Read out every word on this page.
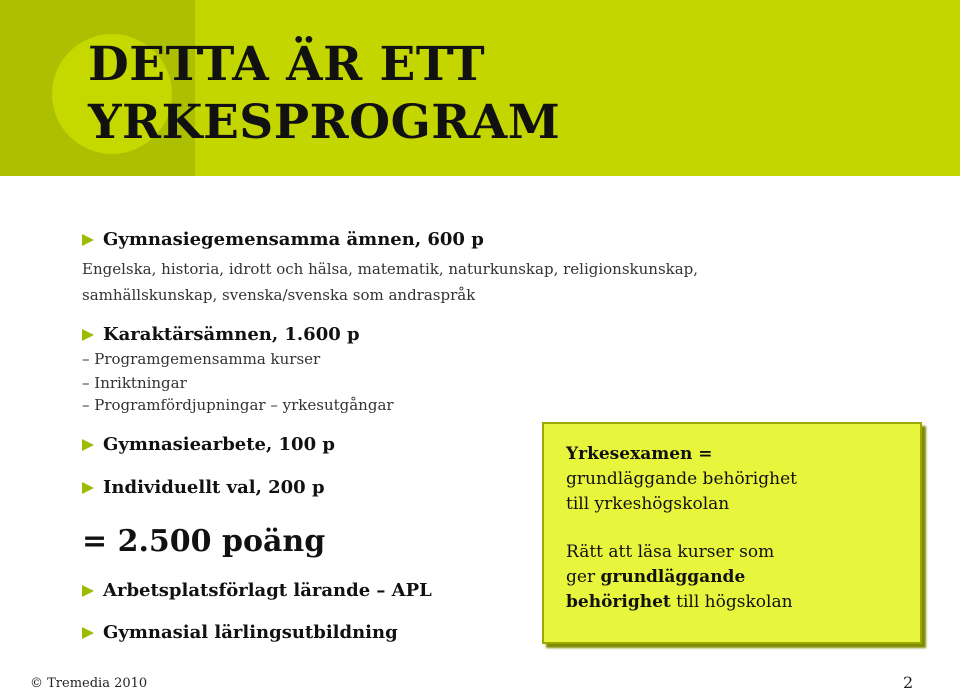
DETTA ÄR ETT
YRKESPROGRAM
Gymnasiegemensamma ämnen, 600 p
Engelska, historia, idrott och hälsa, matematik, naturkunskap, religionskunskap,
samhällskunskap, svenska/svenska som andraspråk
Karaktärsämnen, 1.600 p
– Programgemensamma kurser
– Inriktningar
– Programfördjupningar – yrkesutgångar
Gymnasiearbete, 100 p
Individuellt val, 200 p
= 2.500 poäng
Arbetsplatsförlagt lärande – APL
Gymnasial lärlingsutbildning

Yrkesexamen =

grundläggande behörighet

till yrkeshögskolan

Rätt att läsa kurser som

ger grundläggande

behörighet till högskolan

© Tremedia 2010	2
